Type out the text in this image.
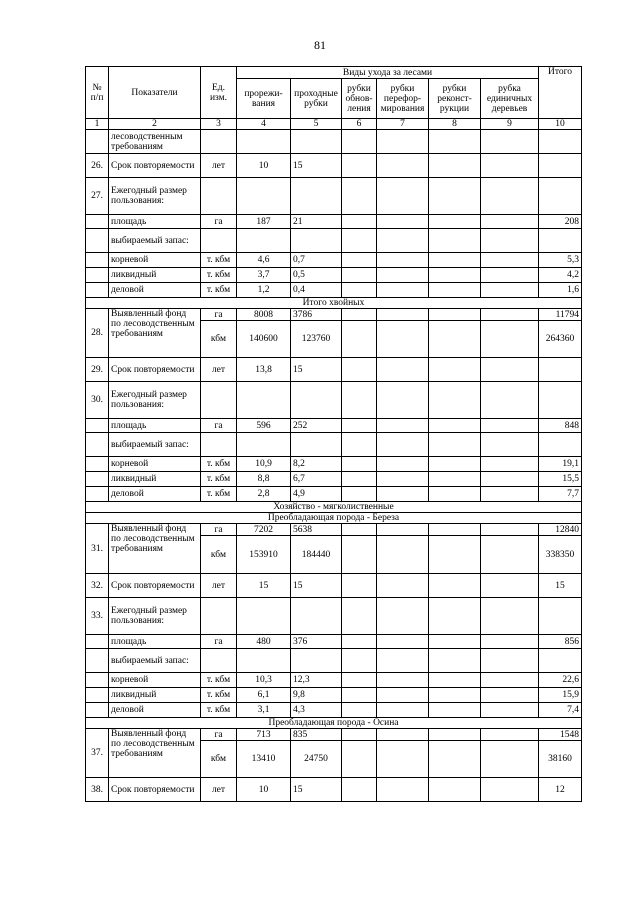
81
№ п/п	Показатели	Ед. изм.	Виды ухода за лесами						Итого
			прорежи-вания	проходные рубки	рубки обнов-ления	рубки перефор-мирования	рубки реконст-рукции	рубка единичных деревьев	
1	2	3	4	5	6	7	8	9	10
	лесоводственным требованиям								
26.	Срок повторяемости	лет	10	15					
27.	Ежегодный размер пользования:								
	площадь	га	187	21					208
	выбираемый запас:								
	корневой	т. кбм	4,6	0,7					5,3
	ликвидный	т. кбм	3,7	0,5					4,2
	деловой	т. кбм	1,2	0,4					1,6
Итого хвойных									
28.	Выявленный фонд по лесоводственным требованиям	га	8008	3786					11794
		кбм	140600	123760					264360
29.	Срок повторяемости	лет	13,8	15					
30.	Ежегодный размер пользования:								
	площадь	га	596	252					848
	выбираемый запас:								
	корневой	т. кбм	10,9	8,2					19,1
	ликвидный	т. кбм	8,8	6,7					15,5
	деловой	т. кбм	2,8	4,9					7,7
Хозяйство - мягколиственные									
Преобладающая порода - Береза									
31.	Выявленный фонд по лесоводственным требованиям	га	7202	5638					12840
		кбм	153910	184440					338350
32.	Срок повторяемости	лет	15	15					15
33.	Ежегодный размер пользования:								
	площадь	га	480	376					856
	выбираемый запас:								
	корневой	т. кбм	10,3	12,3					22,6
	ликвидный	т. кбм	6,1	9,8					15,9
	деловой	т. кбм	3,1	4,3					7,4
Преобладающая порода - Осина									
37.	Выявленный фонд по лесоводственным требованиям	га	713	835					1548
		кбм	13410	24750					38160
38.	Срок повторяемости	лет	10	15					12
